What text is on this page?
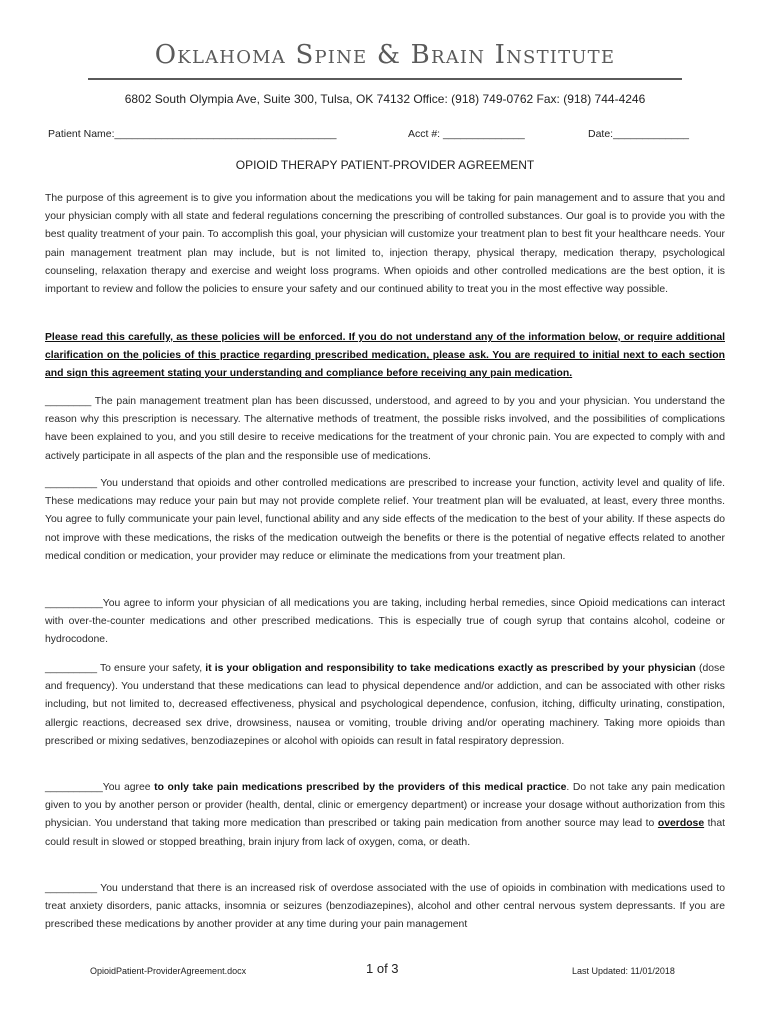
Oklahoma Spine & Brain Institute
6802 South Olympia Ave, Suite 300, Tulsa, OK 74132 Office: (918) 749-0762 Fax: (918) 744-4246
Patient Name:______________________________________	Acct #: ______________	Date:_____________
OPIOID THERAPY PATIENT-PROVIDER AGREEMENT

The purpose of this agreement is to give you information about the medications you will be taking for pain management and to assure that you and your physician comply with all state and federal regulations concerning the prescribing of controlled substances. Our goal is to provide you with the best quality treatment of your pain. To accomplish this goal, your physician will customize your treatment plan to best fit your healthcare needs. Your pain management treatment plan may include, but is not limited to, injection therapy, physical therapy, medication therapy, psychological counseling, relaxation therapy and exercise and weight loss programs. When opioids and other controlled medications are the best option, it is important to review and follow the policies to ensure your safety and our continued ability to treat you in the most effective way possible.

Please read this carefully, as these policies will be enforced. If you do not understand any of the information below, or require additional clarification on the policies of this practice regarding prescribed medication, please ask. You are required to initial next to each section and sign this agreement stating your understanding and compliance before receiving any pain medication.

________ The pain management treatment plan has been discussed, understood, and agreed to by you and your physician. You understand the reason why this prescription is necessary. The alternative methods of treatment, the possible risks involved, and the possibilities of complications have been explained to you, and you still desire to receive medications for the treatment of your chronic pain. You are expected to comply with and actively participate in all aspects of the plan and the responsible use of medications.

_________ You understand that opioids and other controlled medications are prescribed to increase your function, activity level and quality of life. These medications may reduce your pain but may not provide complete relief. Your treatment plan will be evaluated, at least, every three months. You agree to fully communicate your pain level, functional ability and any side effects of the medication to the best of your ability. If these aspects do not improve with these medications, the risks of the medication outweigh the benefits or there is the potential of negative effects related to another medical condition or medication, your provider may reduce or eliminate the medications from your treatment plan.

__________You agree to inform your physician of all medications you are taking, including herbal remedies, since Opioid medications can interact with over-the-counter medications and other prescribed medications. This is especially true of cough syrup that contains alcohol, codeine or hydrocodone.

_________ To ensure your safety, it is your obligation and responsibility to take medications exactly as prescribed by your physician (dose and frequency). You understand that these medications can lead to physical dependence and/or addiction, and can be associated with other risks including, but not limited to, decreased effectiveness, physical and psychological dependence, confusion, itching, difficulty urinating, constipation, allergic reactions, decreased sex drive, drowsiness, nausea or vomiting, trouble driving and/or operating machinery. Taking more opioids than prescribed or mixing sedatives, benzodiazepines or alcohol with opioids can result in fatal respiratory depression.

__________You agree to only take pain medications prescribed by the providers of this medical practice. Do not take any pain medication given to you by another person or provider (health, dental, clinic or emergency department) or increase your dosage without authorization from this physician. You understand that taking more medication than prescribed or taking pain medication from another source may lead to overdose that could result in slowed or stopped breathing, brain injury from lack of oxygen, coma, or death.

_________ You understand that there is an increased risk of overdose associated with the use of opioids in combination with medications used to treat anxiety disorders, panic attacks, insomnia or seizures (benzodiazepines), alcohol and other central nervous system depressants. If you are prescribed these medications by another provider at any time during your pain management

OpioidPatient-ProviderAgreement.docx	1 of 3	Last Updated: 11/01/2018
